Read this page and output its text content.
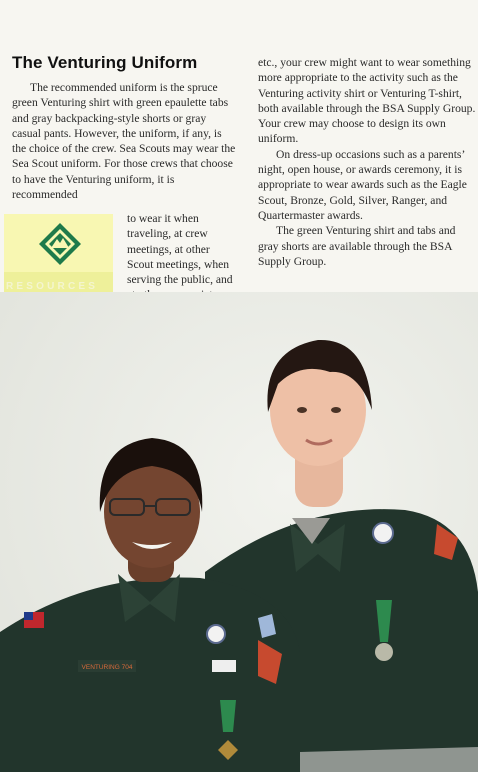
The Venturing Uniform

The recommended uniform is the spruce green Venturing shirt with green epaulette tabs and gray backpacking-style shorts or gray casual pants. However, the uniform, if any, is the choice of the crew. Sea Scouts may wear the Sea Scout uniform. For those crews that choose to have the Venturing uniform, it is recommended

to wear it when traveling, at crew meetings, at other Scout meetings, when serving the public, and

etc., your crew might want to wear something more appropriate to the activity such as the Venturing activity shirt or Venturing T-shirt, both available through the BSA Supply Group. Your crew may choose to design its own uniform.

On dress-up occasions such as a parents’ night, open house, or awards ceremony, it is appropriate to wear awards such as the Eagle Scout, Bronze, Gold, Silver, Ranger, and Quartermaster awards.

The green Venturing shirt and tabs and gray shorts are available through the BSA Supply Group.

RESOURCES
VENTURING 704
